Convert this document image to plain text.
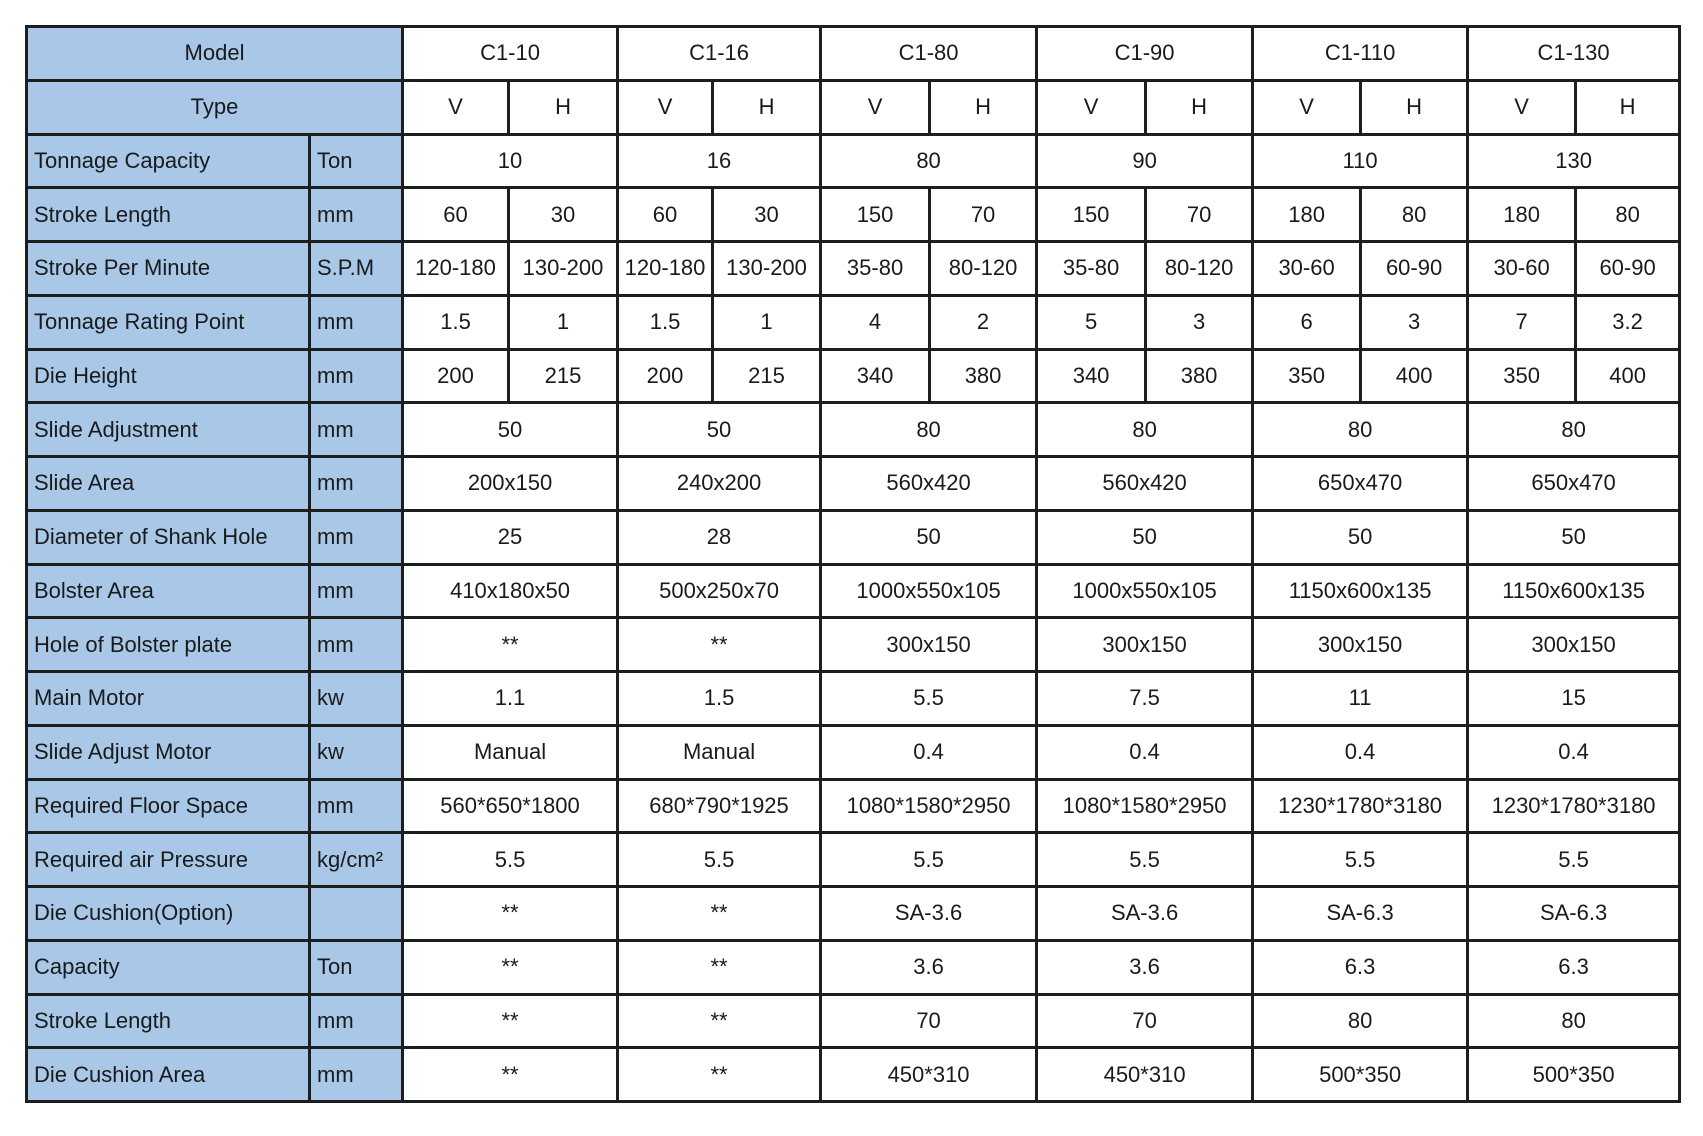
Model		C1-10		C1-16		C1-80		C1-90		C1-110		C1-130	
Type		V	H	V	H	V	H	V	H	V	H	V	H
Tonnage Capacity	Ton	10		16		80		90		110		130	
Stroke Length	mm	60	30	60	30	150	70	150	70	180	80	180	80
Stroke Per Minute	S.P.M	120-180	130-200	120-180	130-200	35-80	80-120	35-80	80-120	30-60	60-90	30-60	60-90
Tonnage Rating Point	mm	1.5	1	1.5	1	4	2	5	3	6	3	7	3.2
Die Height	mm	200	215	200	215	340	380	340	380	350	400	350	400
Slide Adjustment	mm	50		50		80		80		80		80	
Slide Area	mm	200x150		240x200		560x420		560x420		650x470		650x470	
Diameter of Shank Hole	mm	25		28		50		50		50		50	
Bolster Area	mm	410x180x50		500x250x70		1000x550x105		1000x550x105		1150x600x135		1150x600x135	
Hole of Bolster plate	mm	**		**		300x150		300x150		300x150		300x150	
Main Motor	kw	1.1		1.5		5.5		7.5		11		15	
Slide Adjust Motor	kw	Manual		Manual		0.4		0.4		0.4		0.4	
Required Floor Space	mm	560*650*1800		680*790*1925		1080*1580*2950		1080*1580*2950		1230*1780*3180		1230*1780*3180	
Required air Pressure	kg/cm²	5.5		5.5		5.5		5.5		5.5		5.5	
Die Cushion(Option)		**		**		SA-3.6		SA-3.6		SA-6.3		SA-6.3	
Capacity	Ton	**		**		3.6		3.6		6.3		6.3	
Stroke Length	mm	**		**		70		70		80		80	
Die Cushion Area	mm	**		**		450*310		450*310		500*350		500*350	
